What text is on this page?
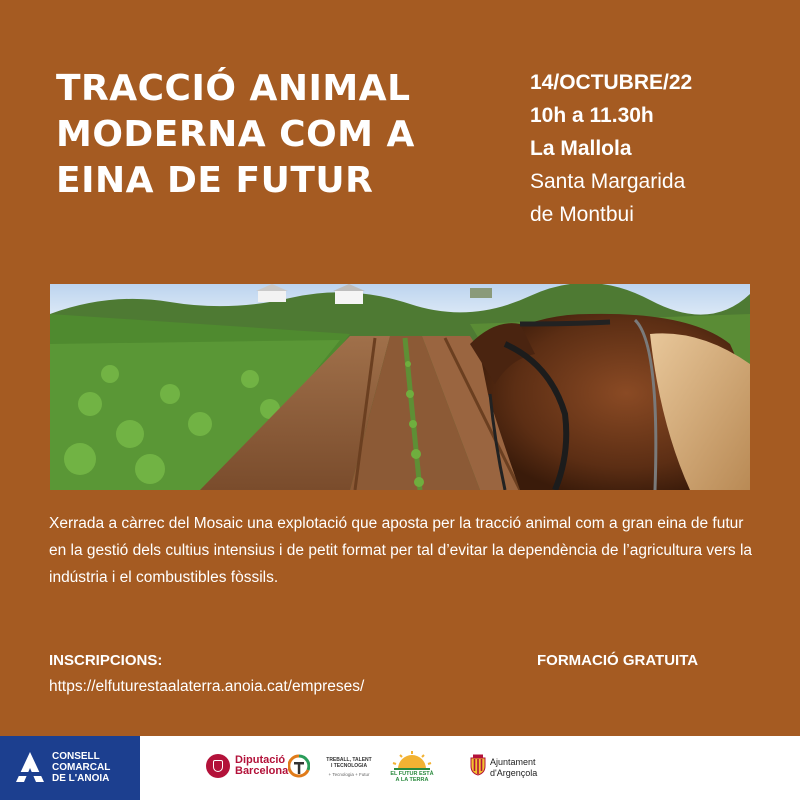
TRACCIÓ ANIMAL
MODERNA COM A
EINA DE FUTUR
14/OCTUBRE/22
10h a 11.30h
La Mallola
Santa Margarida
de Montbui

Xerrada a càrrec del Mosaic una explotació que aposta per la tracció animal com a gran eina de futur en la gestió dels cultius intensius i de petit format per tal d’evitar la dependència de l’agricultura vers la indústria i el combustibles fòssils.

INSCRIPCIONS:
https://elfuturestaalaterra.anoia.cat/empreses/
FORMACIÓ GRATUITA
CONSELL
COMARCAL
DE L'ANOIA
Diputació
Barcelona
TREBALL, TALENT
I TECNOLOGIA
+ Tecnologia + Futur	EL FUTUR ESTÀ
A LA TERRA
Ajuntament
d'Argençola
